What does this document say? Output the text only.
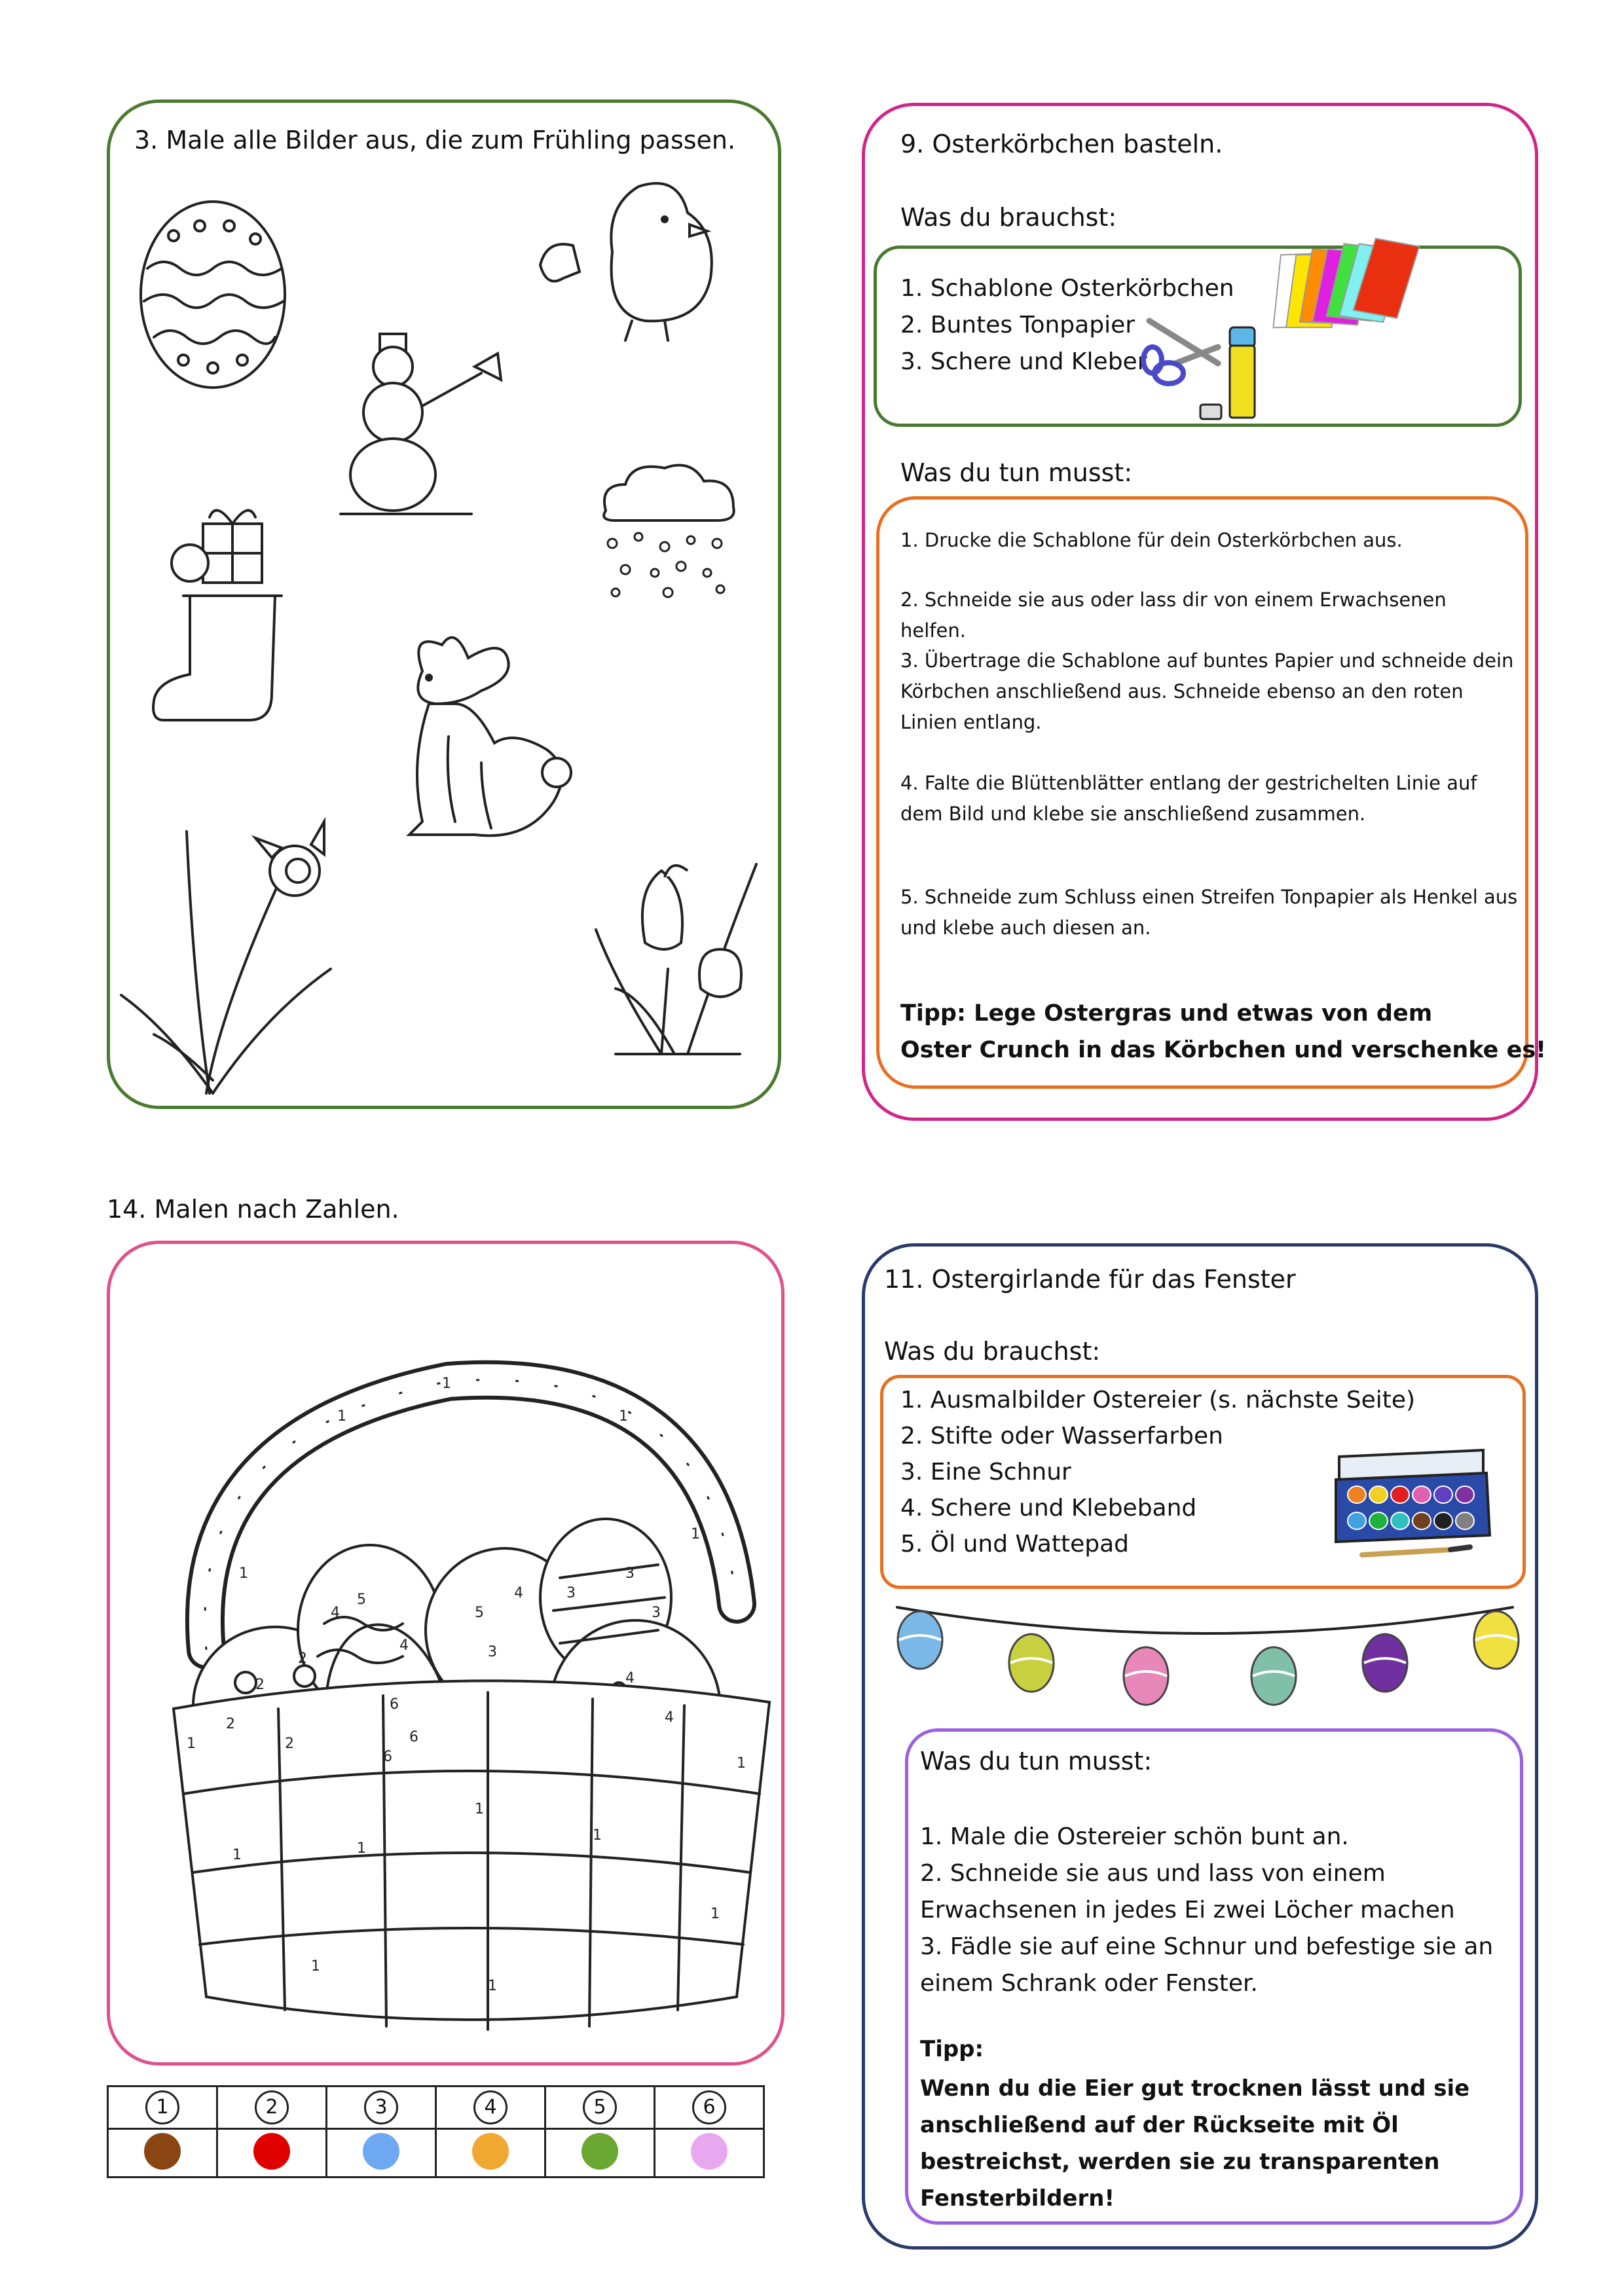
3. Male alle Bilder aus, die zum Frühling passen.	9. Osterkörbchen basteln.
Was du brauchst:
1. Schablone Osterkörbchen
2. Buntes Tonpapier
3. Schere und Kleber
Was du tun musst:
1. Drucke die Schablone für dein Osterkörbchen aus.
2. Schneide sie aus oder lass dir von einem Erwachsenen helfen.
3. Übertrage die Schablone auf buntes Papier und schneide dein Körbchen anschließend aus. Schneide ebenso an den roten Linien entlang.
4. Falte die Blüttenblätter entlang der gestrichelten Linie auf dem Bild und klebe sie anschließend zusammen.
5. Schneide zum Schluss einen Streifen Tonpapier als Henkel aus und klebe auch diesen an.
Tipp: Lege Ostergras und etwas von dem
Oster Crunch in das Körbchen und verschenke es!
14. Malen nach Zahlen.
1
1
1
1
1
1
1
1	1
1
1
1
1
1
2
2
2
2
4
5
4
6
6
5
3
4	3
3
3
4
4
6
1	2	3	4	5	6

11. Ostergirlande für das Fenster
Was du brauchst:
1. Ausmalbilder Ostereier (s. nächste Seite)
2. Stifte oder Wasserfarben
3. Eine Schnur
4. Schere und Klebeband
5. Öl und Wattepad
Was du tun musst:
1. Male die Ostereier schön bunt an.
2. Schneide sie aus und lass von einem Erwachsenen in jedes Ei zwei Löcher machen
3. Fädle sie auf eine Schnur und befestige sie an einem Schrank oder Fenster.
Tipp:
Wenn du die Eier gut trocknen lässt und sie anschließend auf der Rückseite mit Öl bestreichst, werden sie zu transparenten Fensterbildern!
